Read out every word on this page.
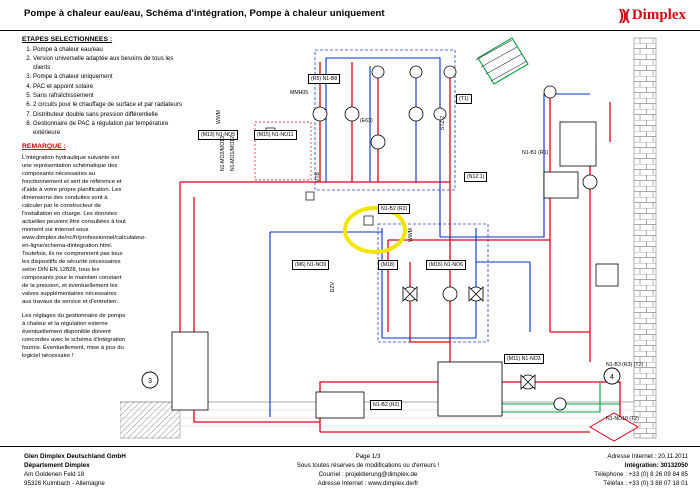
Pompe à chaleur eau/eau, Schéma d'intégration, Pompe à chaleur uniquement	))( Dimplex
ETAPES SELECTIONNEES :
1. Pompe à chaleur eau/eau
2. Version universelle adaptée aux besoins de tous les clients
3. Pompe à chaleur uniquement
4. PAC et appoint solaire
5. Sans rafraîchissement
6. 2 circuits pour le chauffage de surface et par radiateurs
7. Distributeur double sans pression différentielle
8. Gestionnaire de PAC à régulation par température extérieure
REMARQUE :

L'intégration hydraulique suivante est une représentation schématique des composants nécessaires au fonctionnement et sert de référence et d'aide à votre propre planification. Les dimensions des conduites sont à calculer par le constructeur de l'installation en charge. Les données actuelles peuvent être consultées à tout moment sur internet sous www.dimplex.de/nc/fr/professionnel/calculateur-en-ligne/schema-dintegration.html. Toutefois, ils ne comprennent pas tous les dispositifs de sécurité nécessaires selon DIN EN 12828, tous les composants pour le maintien constant de la pression, et éventuellement les valves supplémentaires nécessaires aux travaux de service et d'entretien.

Les réglages du gestionnaire de pompe à chaleur et la régulation externe éventuellement disponible doivent concordes avec le schéma d'intégration fournis. Éventuellement, mise à jour du logiciel nécessaire !

3
4
(M13) N1-NO5
WWM
MMH05
(R5) N1-B8
(M15) N1-NO11
N1-MO2/MO13 N1-MO1/MO12
(T1)
(E63)	STZ 2
VTB	(N12.1)
N1-B1 (R1)
N1-B2 (R2)
WWM
(M6) N1-NO9	(M18)	(M16) N1-NO6
DZV
(M11) N1-NO3
N1-B3 (R3) (T2)
N1-NO10 (T2)
N1-B2 (R2)
Glen Dimplex Deutschland GmbH
Département Dimplex
Am Goldenen Feld 18
95326 Kulmbach - Allemagne
Page 1/3
Sous toutes réserves de modifications ou d'erreurs !
Courriel : projektierung@dimplex.de
Adresse Internet : www.dimplex.de/fr
Adresse Internet : 20.11.2011
Intégration: 30132050
Téléphone : +33 (0) 8 26 09 84 85
Téléfax : +33 (0) 3 88 07 18 01
